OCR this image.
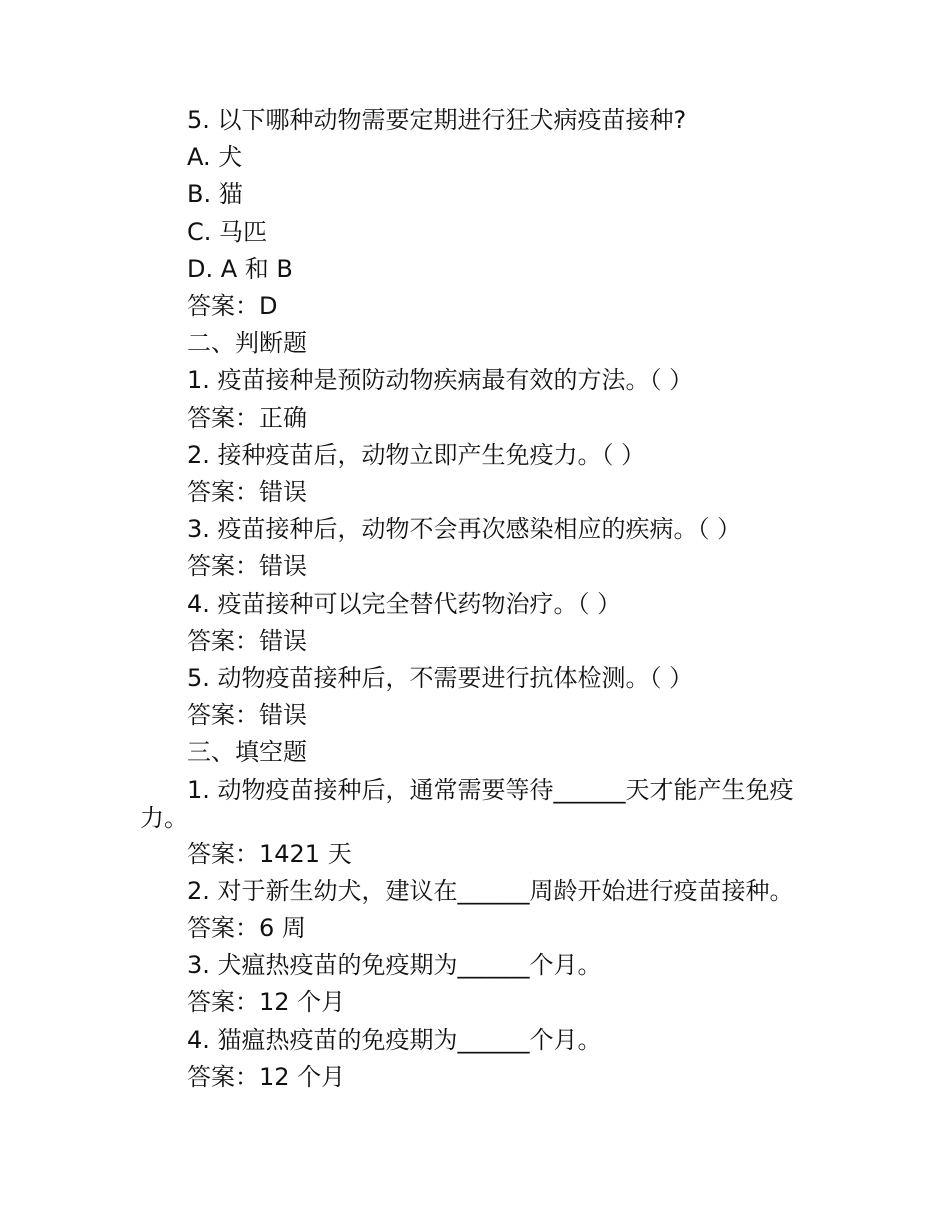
5. 以下哪种动物需要定期进行狂犬病疫苗接种?
A. 犬
B. 猫
C. 马匹
D. A 和 B
答案：D
二、判断题
1. 疫苗接种是预防动物疾病最有效的方法。（ ）
答案：正确
2. 接种疫苗后，动物立即产生免疫力。（ ）
答案：错误
3. 疫苗接种后，动物不会再次感染相应的疾病。（ ）
答案：错误
4. 疫苗接种可以完全替代药物治疗。（ ）
答案：错误
5. 动物疫苗接种后，不需要进行抗体检测。（ ）
答案：错误
三、填空题
1. 动物疫苗接种后，通常需要等待______天才能产生免疫力。
答案：1421 天
2. 对于新生幼犬，建议在______周龄开始进行疫苗接种。
答案：6 周
3. 犬瘟热疫苗的免疫期为______个月。
答案：12 个月
4. 猫瘟热疫苗的免疫期为______个月。
答案：12 个月
